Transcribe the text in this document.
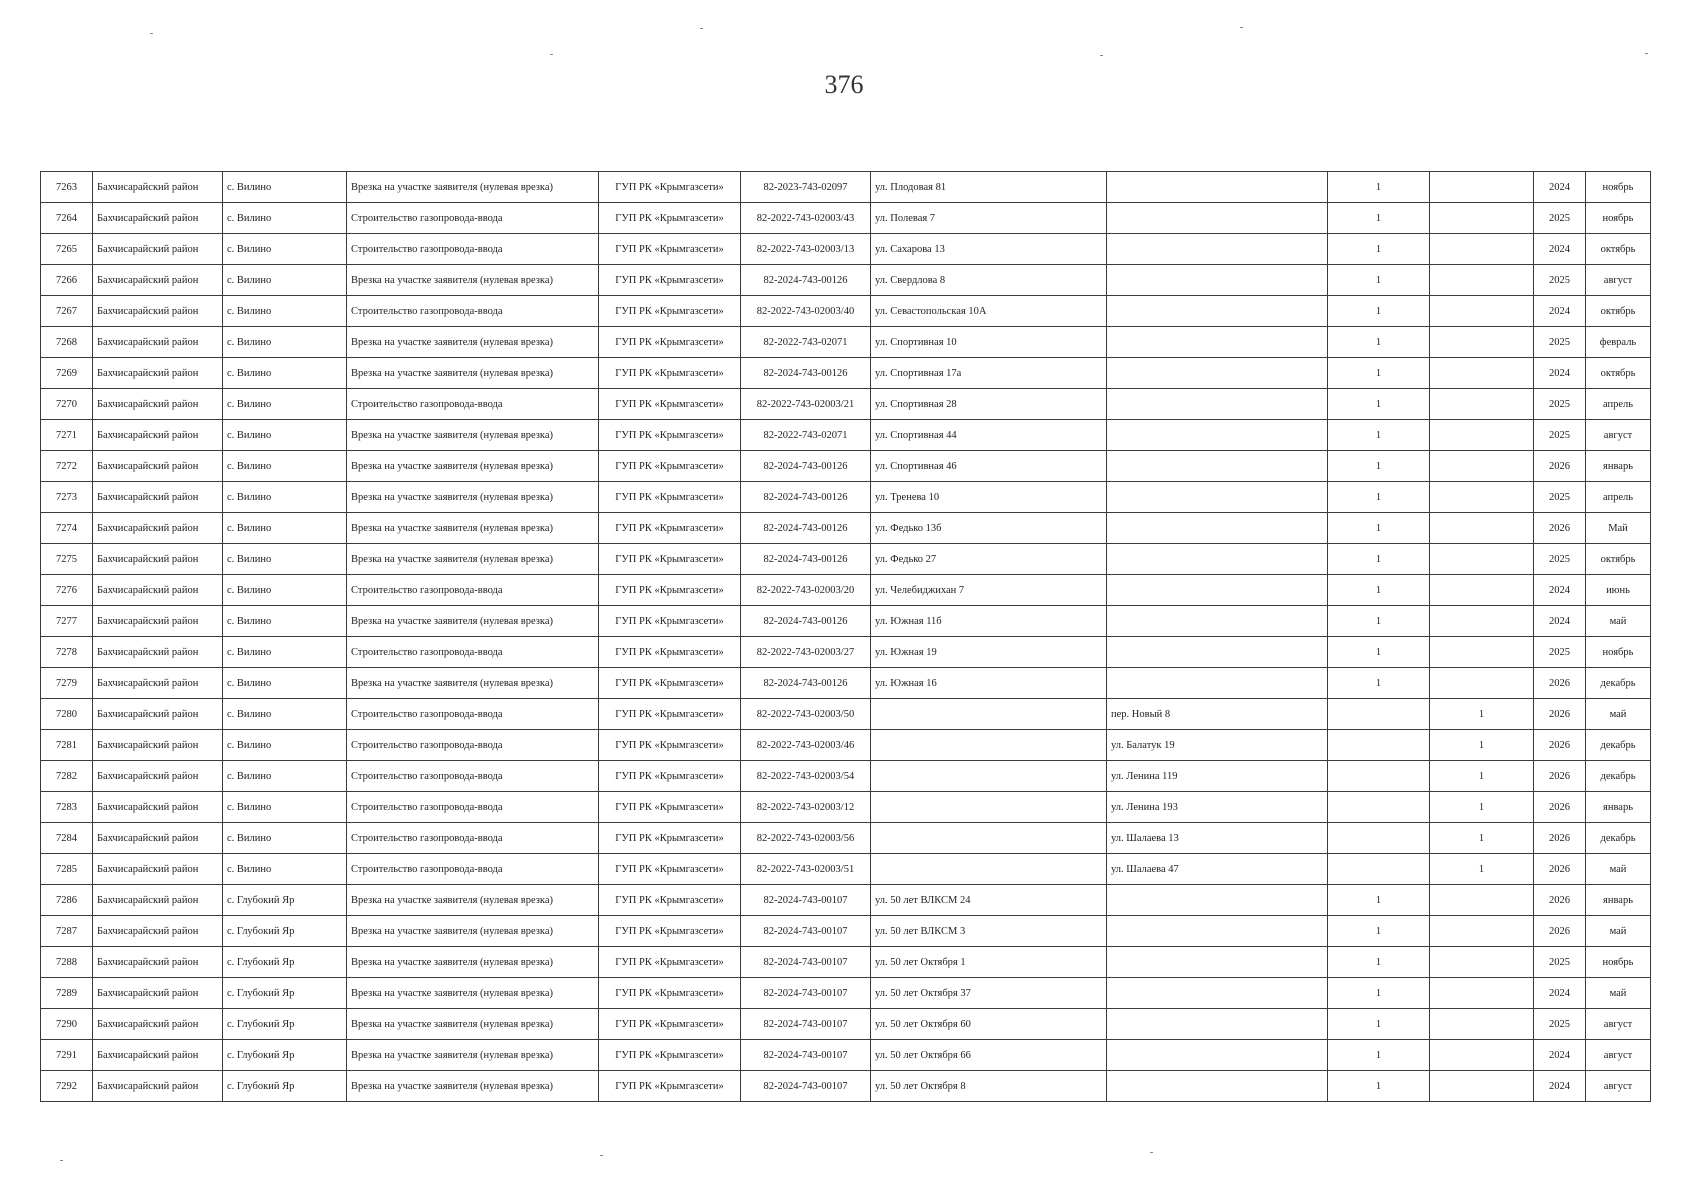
376
7263	Бахчисарайский район	с. Вилино	Врезка на участке заявителя (нулевая врезка)	ГУП РК «Крымгазсети»	82-2023-743-02097	ул. Плодовая 81		1		2024	ноябрь
7264	Бахчисарайский район	с. Вилино	Строительство газопровода-ввода	ГУП РК «Крымгазсети»	82-2022-743-02003/43	ул. Полевая 7		1		2025	ноябрь
7265	Бахчисарайский район	с. Вилино	Строительство газопровода-ввода	ГУП РК «Крымгазсети»	82-2022-743-02003/13	ул. Сахарова 13		1		2024	октябрь
7266	Бахчисарайский район	с. Вилино	Врезка на участке заявителя (нулевая врезка)	ГУП РК «Крымгазсети»	82-2024-743-00126	ул. Свердлова 8		1		2025	август
7267	Бахчисарайский район	с. Вилино	Строительство газопровода-ввода	ГУП РК «Крымгазсети»	82-2022-743-02003/40	ул. Севастопольская 10А		1		2024	октябрь
7268	Бахчисарайский район	с. Вилино	Врезка на участке заявителя (нулевая врезка)	ГУП РК «Крымгазсети»	82-2022-743-02071	ул. Спортивная 10		1		2025	февраль
7269	Бахчисарайский район	с. Вилино	Врезка на участке заявителя (нулевая врезка)	ГУП РК «Крымгазсети»	82-2024-743-00126	ул. Спортивная 17а		1		2024	октябрь
7270	Бахчисарайский район	с. Вилино	Строительство газопровода-ввода	ГУП РК «Крымгазсети»	82-2022-743-02003/21	ул. Спортивная 28		1		2025	апрель
7271	Бахчисарайский район	с. Вилино	Врезка на участке заявителя (нулевая врезка)	ГУП РК «Крымгазсети»	82-2022-743-02071	ул. Спортивная 44		1		2025	август
7272	Бахчисарайский район	с. Вилино	Врезка на участке заявителя (нулевая врезка)	ГУП РК «Крымгазсети»	82-2024-743-00126	ул. Спортивная 46		1		2026	январь
7273	Бахчисарайский район	с. Вилино	Врезка на участке заявителя (нулевая врезка)	ГУП РК «Крымгазсети»	82-2024-743-00126	ул. Тренева 10		1		2025	апрель
7274	Бахчисарайский район	с. Вилино	Врезка на участке заявителя (нулевая врезка)	ГУП РК «Крымгазсети»	82-2024-743-00126	ул. Федько 13б		1		2026	Май
7275	Бахчисарайский район	с. Вилино	Врезка на участке заявителя (нулевая врезка)	ГУП РК «Крымгазсети»	82-2024-743-00126	ул. Федько 27		1		2025	октябрь
7276	Бахчисарайский район	с. Вилино	Строительство газопровода-ввода	ГУП РК «Крымгазсети»	82-2022-743-02003/20	ул. Челебиджихан 7		1		2024	июнь
7277	Бахчисарайский район	с. Вилино	Врезка на участке заявителя (нулевая врезка)	ГУП РК «Крымгазсети»	82-2024-743-00126	ул. Южная 11б		1		2024	май
7278	Бахчисарайский район	с. Вилино	Строительство газопровода-ввода	ГУП РК «Крымгазсети»	82-2022-743-02003/27	ул. Южная 19		1		2025	ноябрь
7279	Бахчисарайский район	с. Вилино	Врезка на участке заявителя (нулевая врезка)	ГУП РК «Крымгазсети»	82-2024-743-00126	ул. Южная 16		1		2026	декабрь
7280	Бахчисарайский район	с. Вилино	Строительство газопровода-ввода	ГУП РК «Крымгазсети»	82-2022-743-02003/50		пер. Новый 8		1	2026	май
7281	Бахчисарайский район	с. Вилино	Строительство газопровода-ввода	ГУП РК «Крымгазсети»	82-2022-743-02003/46		ул. Балатук 19		1	2026	декабрь
7282	Бахчисарайский район	с. Вилино	Строительство газопровода-ввода	ГУП РК «Крымгазсети»	82-2022-743-02003/54		ул. Ленина 119		1	2026	декабрь
7283	Бахчисарайский район	с. Вилино	Строительство газопровода-ввода	ГУП РК «Крымгазсети»	82-2022-743-02003/12		ул. Ленина 193		1	2026	январь
7284	Бахчисарайский район	с. Вилино	Строительство газопровода-ввода	ГУП РК «Крымгазсети»	82-2022-743-02003/56		ул. Шалаева 13		1	2026	декабрь
7285	Бахчисарайский район	с. Вилино	Строительство газопровода-ввода	ГУП РК «Крымгазсети»	82-2022-743-02003/51		ул. Шалаева 47		1	2026	май
7286	Бахчисарайский район	с. Глубокий Яр	Врезка на участке заявителя (нулевая врезка)	ГУП РК «Крымгазсети»	82-2024-743-00107	ул. 50 лет ВЛКСМ 24		1		2026	январь
7287	Бахчисарайский район	с. Глубокий Яр	Врезка на участке заявителя (нулевая врезка)	ГУП РК «Крымгазсети»	82-2024-743-00107	ул. 50 лет ВЛКСМ 3		1		2026	май
7288	Бахчисарайский район	с. Глубокий Яр	Врезка на участке заявителя (нулевая врезка)	ГУП РК «Крымгазсети»	82-2024-743-00107	ул. 50 лет Октября 1		1		2025	ноябрь
7289	Бахчисарайский район	с. Глубокий Яр	Врезка на участке заявителя (нулевая врезка)	ГУП РК «Крымгазсети»	82-2024-743-00107	ул. 50 лет Октября 37		1		2024	май
7290	Бахчисарайский район	с. Глубокий Яр	Врезка на участке заявителя (нулевая врезка)	ГУП РК «Крымгазсети»	82-2024-743-00107	ул. 50 лет Октября 60		1		2025	август
7291	Бахчисарайский район	с. Глубокий Яр	Врезка на участке заявителя (нулевая врезка)	ГУП РК «Крымгазсети»	82-2024-743-00107	ул. 50 лет Октября 66		1		2024	август
7292	Бахчисарайский район	с. Глубокий Яр	Врезка на участке заявителя (нулевая врезка)	ГУП РК «Крымгазсети»	82-2024-743-00107	ул. 50 лет Октября 8		1		2024	август
